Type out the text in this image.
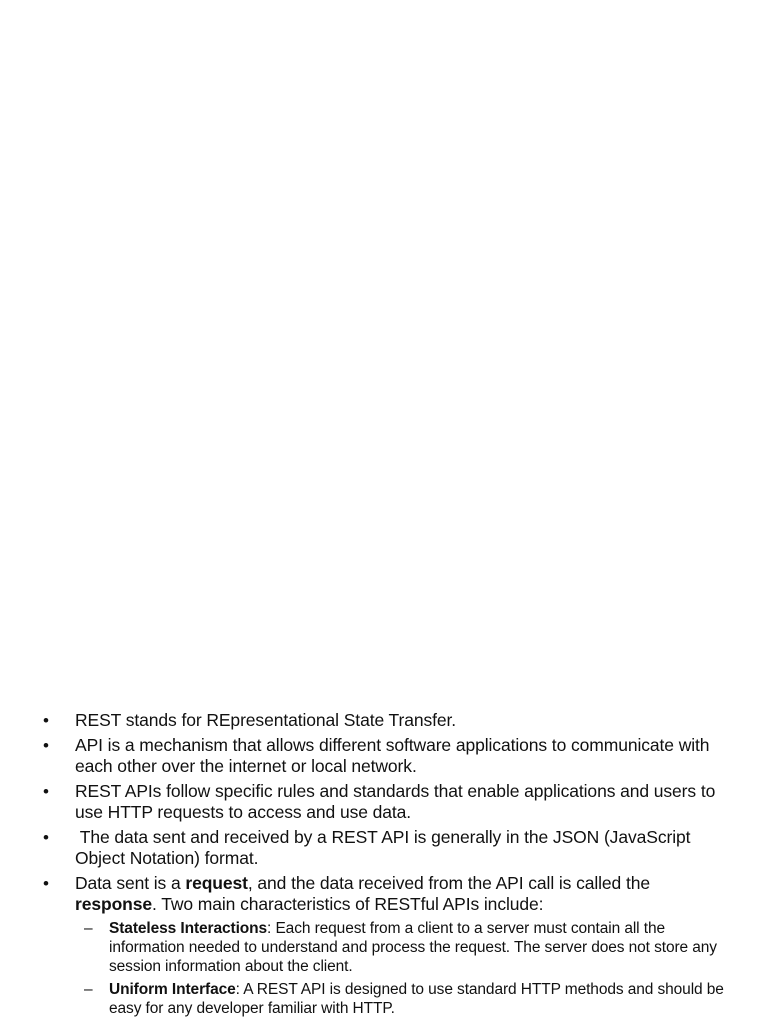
• REST stands for REpresentational State Transfer.
• API is a mechanism that allows different software applications to communicate with each other over the internet or local network.
• REST APIs follow specific rules and standards that enable applications and users to use HTTP requests to access and use data.
• The data sent and received by a REST API is generally in the JSON (JavaScript Object Notation) format.
• Data sent is a request, and the data received from the API call is called the response. Two main characteristics of RESTful APIs include:
– Stateless Interactions: Each request from a client to a server must contain all the information needed to understand and process the request. The server does not store any session information about the client.
– Uniform Interface: A REST API is designed to use standard HTTP methods and should be easy for any developer familiar with HTTP.
